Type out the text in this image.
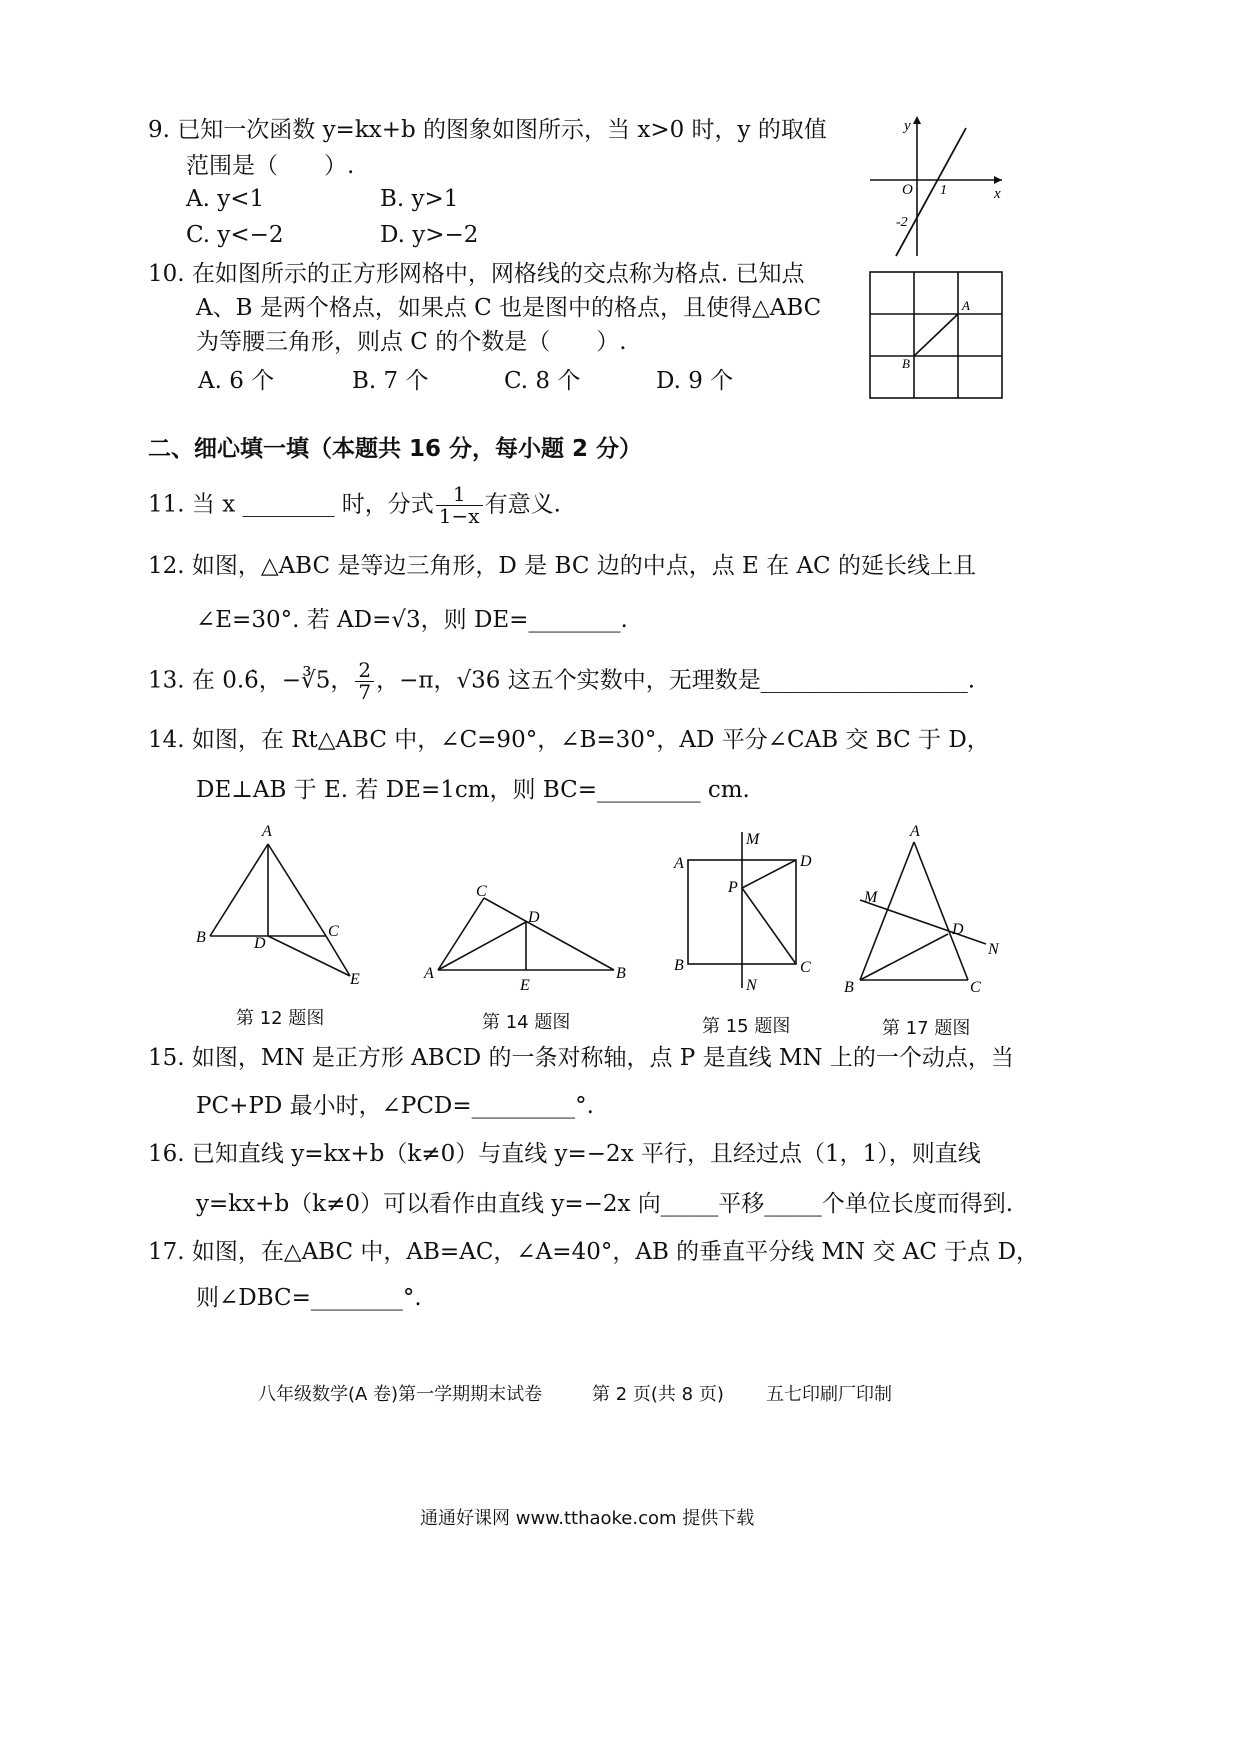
9. 已知一次函数 y=kx+b 的图象如图所示，当 x>0 时，y 的取值
范围是（　　）.
A. y<1	B. y>1
C. y<−2	D. y>−2
y
x
O 1
-2
10. 在如图所示的正方形网格中，网格线的交点称为格点. 已知点
A、B 是两个格点，如果点 C 也是图中的格点，且使得△ABC
为等腰三角形，则点 C 的个数是（　　）.
A. 6 个	B. 7 个	C. 8 个	D. 9 个
A
B
二、细心填一填（本题共 16 分，每小题 2 分）
11. 当 x ________ 时，分式 $\frac{1}{1-x}$ 有意义.
12. 如图，△ABC 是等边三角形，D 是 BC 边的中点，点 E 在 AC 的延长线上且
∠E=30°. 若 AD=√3，则 DE=________.
13. 在 0.6̇，−∛5， $\frac{2}{7}$ ，−π，√36 这五个实数中，无理数是__________________.
14. 如图，在 Rt△ABC 中，∠C=90°，∠B=30°，AD 平分∠CAB 交 BC 于 D，
DE⊥AB 于 E. 若 DE=1cm，则 BC=_________ cm.
A
B	C
D
E
C
A	B
D
E
M
N
A	D
B	C
P
A
M
D
N
B	C
第 12 题图	第 14 题图	第 15 题图	第 17 题图
15. 如图，MN 是正方形 ABCD 的一条对称轴，点 P 是直线 MN 上的一个动点，当
PC+PD 最小时，∠PCD=_________°.
16. 已知直线 y=kx+b（k≠0）与直线 y=−2x 平行，且经过点（1，1），则直线
y=kx+b（k≠0）可以看作由直线 y=−2x 向_____平移_____个单位长度而得到.
17. 如图，在△ABC 中，AB=AC，∠A=40°，AB 的垂直平分线 MN 交 AC 于点 D，
则∠DBC=________°.
八年级数学(A 卷)第一学期期末试卷	第 2 页(共 8 页) 五七印刷厂印制
通通好课网 www.tthaoke.com 提供下载
